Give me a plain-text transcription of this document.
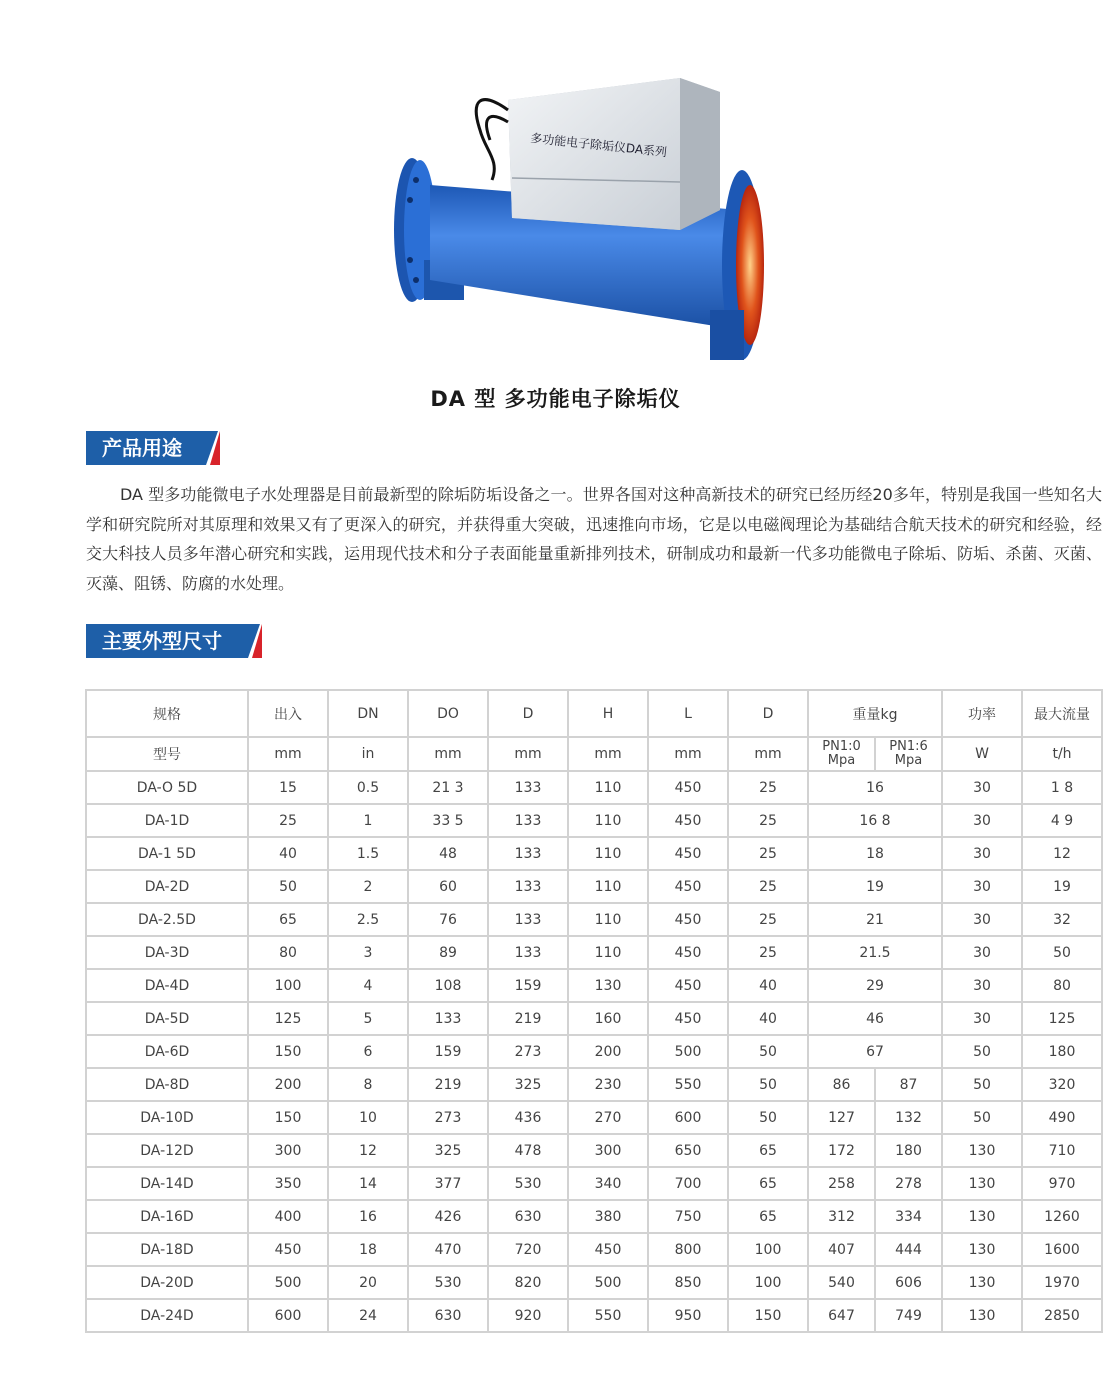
多功能电子除垢仪DA系列
DA 型 多功能电子除垢仪
产品用途

DA 型多功能微电子水处理器是目前最新型的除垢防垢设备之一。世界各国对这种高新技术的研究已经历经20多年，特别是我国一些知名大学和研究院所对其原理和效果又有了更深入的研究，并获得重大突破，迅速推向市场，它是以电磁阀理论为基础结合航天技术的研究和经验，经交大科技人员多年潜心研究和实践，运用现代技术和分子表面能量重新排列技术，研制成功和最新一代多功能微电子除垢、防垢、杀菌、灭菌、灭藻、阻锈、防腐的水处理。

主要外型尺寸
规格	出入	DN	DO	D	H	L	D	重量kg		功率	最大流量
型号	mm	in	mm	mm	mm	mm	mm	PN1:0 Mpa	PN1:6 Mpa	W	t/h
DA-O 5D	15	0.5	21 3	133	110	450	25	16		30	1 8
DA-1D	25	1	33 5	133	110	450	25	16 8		30	4 9
DA-1 5D	40	1.5	48	133	110	450	25	18		30	12
DA-2D	50	2	60	133	110	450	25	19		30	19
DA-2.5D	65	2.5	76	133	110	450	25	21		30	32
DA-3D	80	3	89	133	110	450	25	21.5		30	50
DA-4D	100	4	108	159	130	450	40	29		30	80
DA-5D	125	5	133	219	160	450	40	46		30	125
DA-6D	150	6	159	273	200	500	50	67		50	180
DA-8D	200	8	219	325	230	550	50	86	87	50	320
DA-10D	150	10	273	436	270	600	50	127	132	50	490
DA-12D	300	12	325	478	300	650	65	172	180	130	710
DA-14D	350	14	377	530	340	700	65	258	278	130	970
DA-16D	400	16	426	630	380	750	65	312	334	130	1260
DA-18D	450	18	470	720	450	800	100	407	444	130	1600
DA-20D	500	20	530	820	500	850	100	540	606	130	1970
DA-24D	600	24	630	920	550	950	150	647	749	130	2850
